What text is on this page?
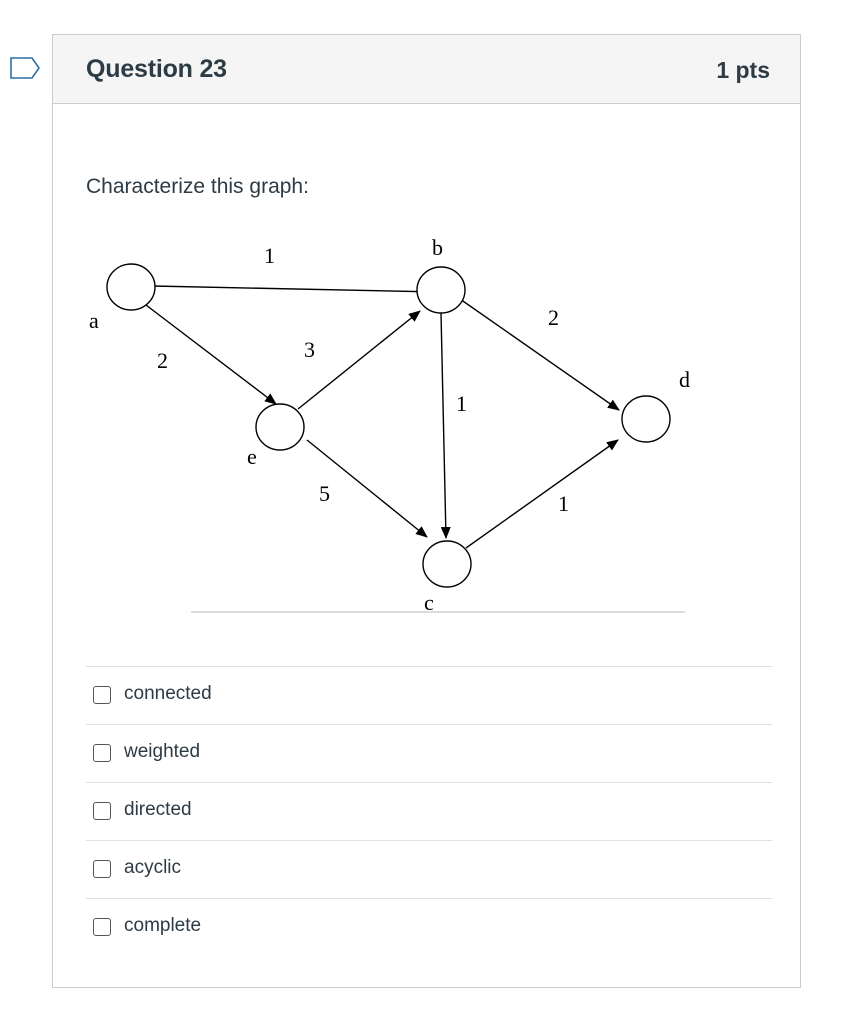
Question 23	1 pts
Characterize this graph:
a
b
c
d
e
1
2	3
1
2
5	1
connected
weighted
directed
acyclic
complete
